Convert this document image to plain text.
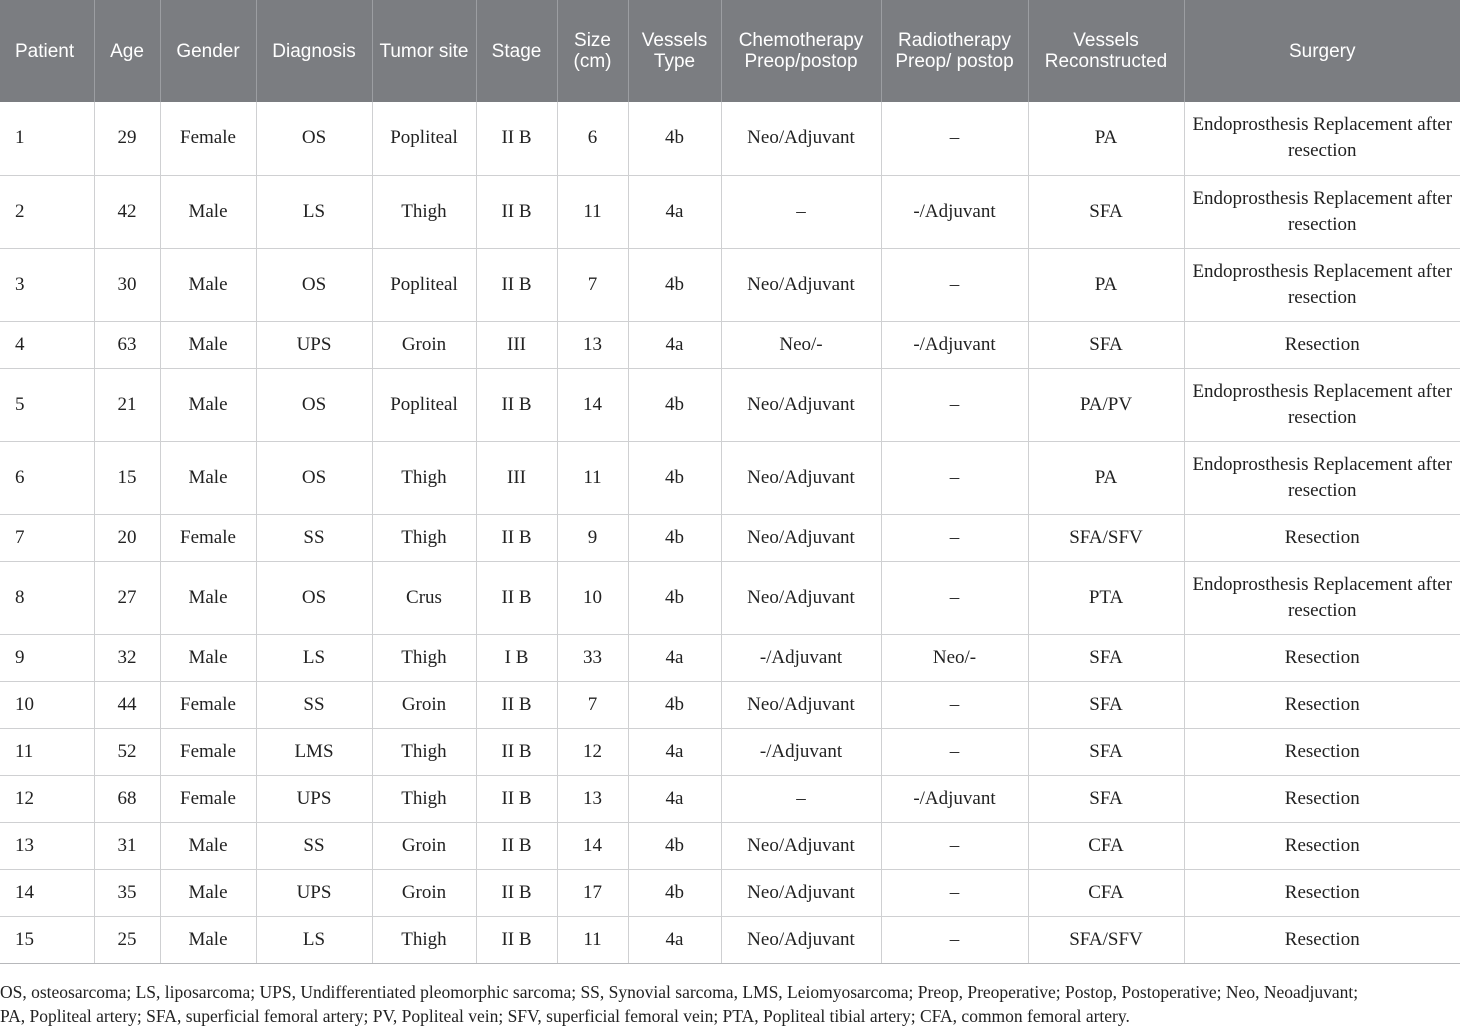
Patient	Age	Gender	Diagnosis	Tumor site	Stage	Size (cm)	Vessels Type	Chemotherapy Preop/postop	Radiotherapy Preop/ postop	Vessels Reconstructed	Surgery
1	29	Female	OS	Popliteal	II B	6	4b	Neo/Adjuvant	–	PA	Endoprosthesis Replacement after resection
2	42	Male	LS	Thigh	II B	11	4a	–	-/Adjuvant	SFA	Endoprosthesis Replacement after resection
3	30	Male	OS	Popliteal	II B	7	4b	Neo/Adjuvant	–	PA	Endoprosthesis Replacement after resection
4	63	Male	UPS	Groin	III	13	4a	Neo/-	-/Adjuvant	SFA	Resection
5	21	Male	OS	Popliteal	II B	14	4b	Neo/Adjuvant	–	PA/PV	Endoprosthesis Replacement after resection
6	15	Male	OS	Thigh	III	11	4b	Neo/Adjuvant	–	PA	Endoprosthesis Replacement after resection
7	20	Female	SS	Thigh	II B	9	4b	Neo/Adjuvant	–	SFA/SFV	Resection
8	27	Male	OS	Crus	II B	10	4b	Neo/Adjuvant	–	PTA	Endoprosthesis Replacement after resection
9	32	Male	LS	Thigh	I B	33	4a	-/Adjuvant	Neo/-	SFA	Resection
10	44	Female	SS	Groin	II B	7	4b	Neo/Adjuvant	–	SFA	Resection
11	52	Female	LMS	Thigh	II B	12	4a	-/Adjuvant	–	SFA	Resection
12	68	Female	UPS	Thigh	II B	13	4a	–	-/Adjuvant	SFA	Resection
13	31	Male	SS	Groin	II B	14	4b	Neo/Adjuvant	–	CFA	Resection
14	35	Male	UPS	Groin	II B	17	4b	Neo/Adjuvant	–	CFA	Resection
15	25	Male	LS	Thigh	II B	11	4a	Neo/Adjuvant	–	SFA/SFV	Resection
OS, osteosarcoma; LS, liposarcoma; UPS, Undifferentiated pleomorphic sarcoma; SS, Synovial sarcoma, LMS, Leiomyosarcoma; Preop, Preoperative; Postop, Postoperative; Neo, Neoadjuvant;
PA, Popliteal artery; SFA, superficial femoral artery; PV, Popliteal vein; SFV, superficial femoral vein; PTA, Popliteal tibial artery; CFA, common femoral artery.
